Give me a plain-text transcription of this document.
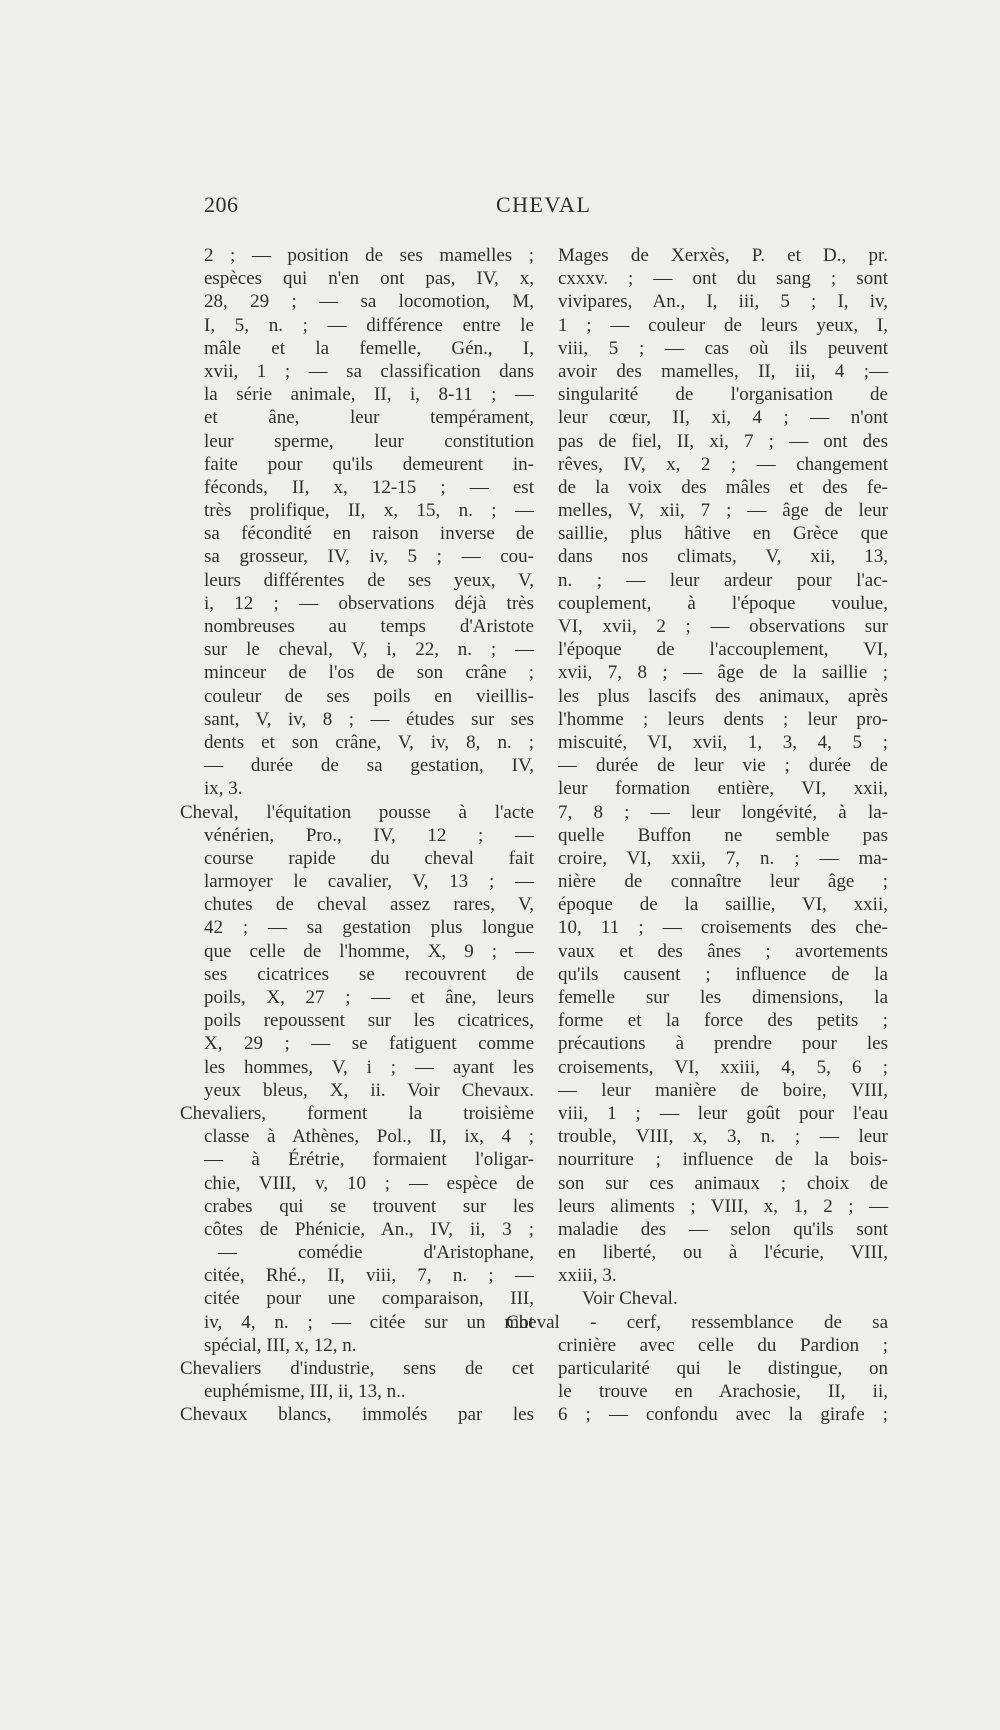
206	CHEVAL
2 ; — position de ses mamelles ;
espèces qui n'en ont pas, IV, x,
28, 29 ; — sa locomotion, M,
I, 5, n. ; — différence entre le
mâle et la femelle, Gén., I,
xvii, 1 ; — sa classification dans
la série animale, II, i, 8-11 ; —
et âne, leur tempérament,
leur sperme, leur constitution
faite pour qu'ils demeurent in-
féconds, II, x, 12-15 ; — est
très prolifique, II, x, 15, n. ; —
sa fécondité en raison inverse de
sa grosseur, IV, iv, 5 ; — cou-
leurs différentes de ses yeux, V,
i, 12 ; — observations déjà très
nombreuses au temps d'Aristote
sur le cheval, V, i, 22, n. ; —
minceur de l'os de son crâne ;
couleur de ses poils en vieillis-
sant, V, iv, 8 ; — études sur ses
dents et son crâne, V, iv, 8, n. ;
— durée de sa gestation, IV,
ix, 3.
Cheval, l'équitation pousse à l'acte
vénérien, Pro., IV, 12 ; —
course rapide du cheval fait
larmoyer le cavalier, V, 13 ; —
chutes de cheval assez rares, V,
42 ; — sa gestation plus longue
que celle de l'homme, X, 9 ; —
ses cicatrices se recouvrent de
poils, X, 27 ; — et âne, leurs
poils repoussent sur les cicatrices,
X, 29 ; — se fatiguent comme
les hommes, V, i ; — ayant les
yeux bleus, X, ii. Voir Chevaux.
Chevaliers, forment la troisième
classe à Athènes, Pol., II, ix, 4 ;
— à Érétrie, formaient l'oligar-
chie, VIII, v, 10 ; — espèce de
crabes qui se trouvent sur les
côtes de Phénicie, An., IV, ii, 3 ;
— comédie d'Aristophane,
citée, Rhé., II, viii, 7, n. ; —
citée pour une comparaison, III,
iv, 4, n. ; — citée sur un mot
spécial, III, x, 12, n.
Chevaliers d'industrie, sens de cet
euphémisme, III, ii, 13, n..
Chevaux blancs, immolés par les
Mages de Xerxès, P. et D., pr.
cxxxv. ; — ont du sang ; sont
vivipares, An., I, iii, 5 ; I, iv,
1 ; — couleur de leurs yeux, I,
viii, 5 ; — cas où ils peuvent
avoir des mamelles, II, iii, 4 ;—
singularité de l'organisation de
leur cœur, II, xi, 4 ; — n'ont
pas de fiel, II, xi, 7 ; — ont des
rêves, IV, x, 2 ; — changement
de la voix des mâles et des fe-
melles, V, xii, 7 ; — âge de leur
saillie, plus hâtive en Grèce que
dans nos climats, V, xii, 13,
n. ; — leur ardeur pour l'ac-
couplement, à l'époque voulue,
VI, xvii, 2 ; — observations sur
l'époque de l'accouplement, VI,
xvii, 7, 8 ; — âge de la saillie ;
les plus lascifs des animaux, après
l'homme ; leurs dents ; leur pro-
miscuité, VI, xvii, 1, 3, 4, 5 ;
— durée de leur vie ; durée de
leur formation entière, VI, xxii,
7, 8 ; — leur longévité, à la-
quelle Buffon ne semble pas
croire, VI, xxii, 7, n. ; — ma-
nière de connaître leur âge ;
époque de la saillie, VI, xxii,
10, 11 ; — croisements des che-
vaux et des ânes ; avortements
qu'ils causent ; influence de la
femelle sur les dimensions, la
forme et la force des petits ;
précautions à prendre pour les
croisements, VI, xxiii, 4, 5, 6 ;
— leur manière de boire, VIII,
viii, 1 ; — leur goût pour l'eau
trouble, VIII, x, 3, n. ; — leur
nourriture ; influence de la bois-
son sur ces animaux ; choix de
leurs aliments ; VIII, x, 1, 2 ; —
maladie des — selon qu'ils sont
en liberté, ou à l'écurie, VIII,
xxiii, 3.
Voir Cheval.
Cheval - cerf, ressemblance de sa
crinière avec celle du Pardion ;
particularité qui le distingue, on
le trouve en Arachosie, II, ii,
6 ; — confondu avec la girafe ;
